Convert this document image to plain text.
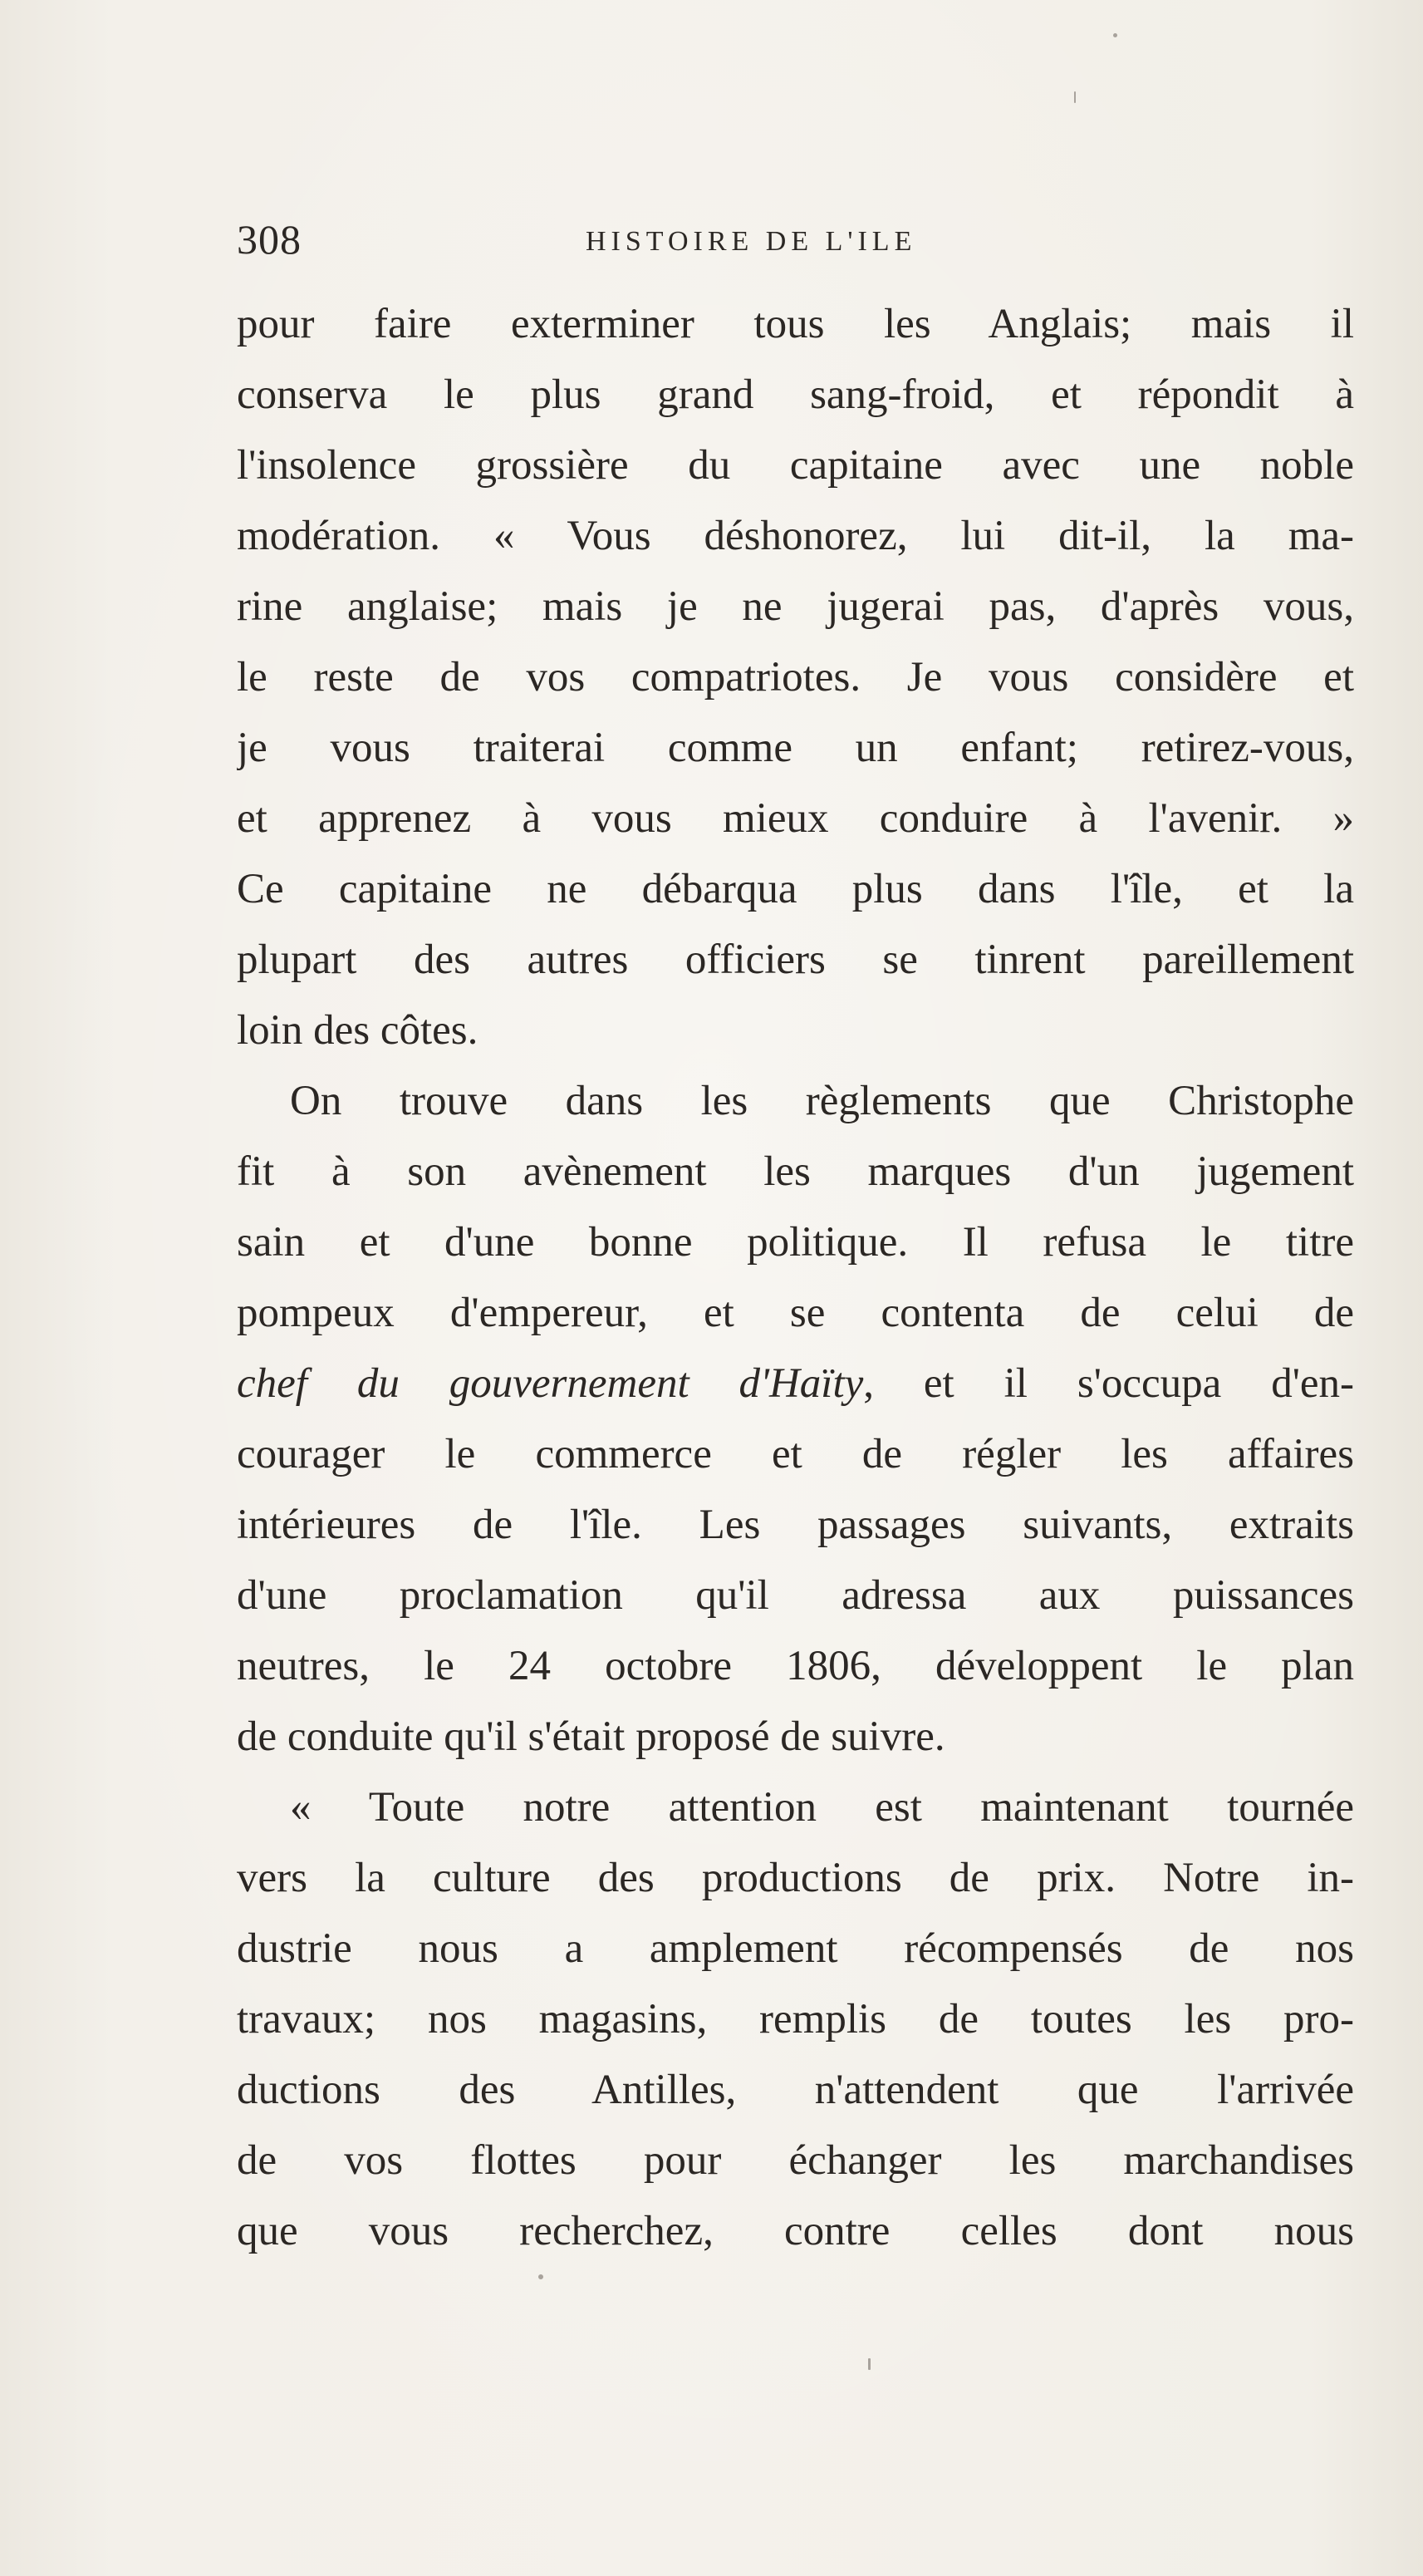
308	HISTOIRE DE L'ILE
pour faire exterminer tous les Anglais; mais il
conserva le plus grand sang-froid, et répondit à
l'insolence grossière du capitaine avec une noble
modération. « Vous déshonorez, lui dit-il, la ma-
rine anglaise; mais je ne jugerai pas, d'après vous,
le reste de vos compatriotes. Je vous considère et
je vous traiterai comme un enfant; retirez-vous,
et apprenez à vous mieux conduire à l'avenir. »
Ce capitaine ne débarqua plus dans l'île, et la
plupart des autres officiers se tinrent pareillement
loin des côtes.
On trouve dans les règlements que Christophe
fit à son avènement les marques d'un jugement
sain et d'une bonne politique. Il refusa le titre
pompeux d'empereur, et se contenta de celui de
chef du gouvernement d'Haïty, et il s'occupa d'en-
courager le commerce et de régler les affaires
intérieures de l'île. Les passages suivants, extraits
d'une proclamation qu'il adressa aux puissances
neutres, le 24 octobre 1806, développent le plan
de conduite qu'il s'était proposé de suivre.
« Toute notre attention est maintenant tournée
vers la culture des productions de prix. Notre in-
dustrie nous a amplement récompensés de nos
travaux; nos magasins, remplis de toutes les pro-
ductions des Antilles, n'attendent que l'arrivée
de vos flottes pour échanger les marchandises
que vous recherchez, contre celles dont nous
